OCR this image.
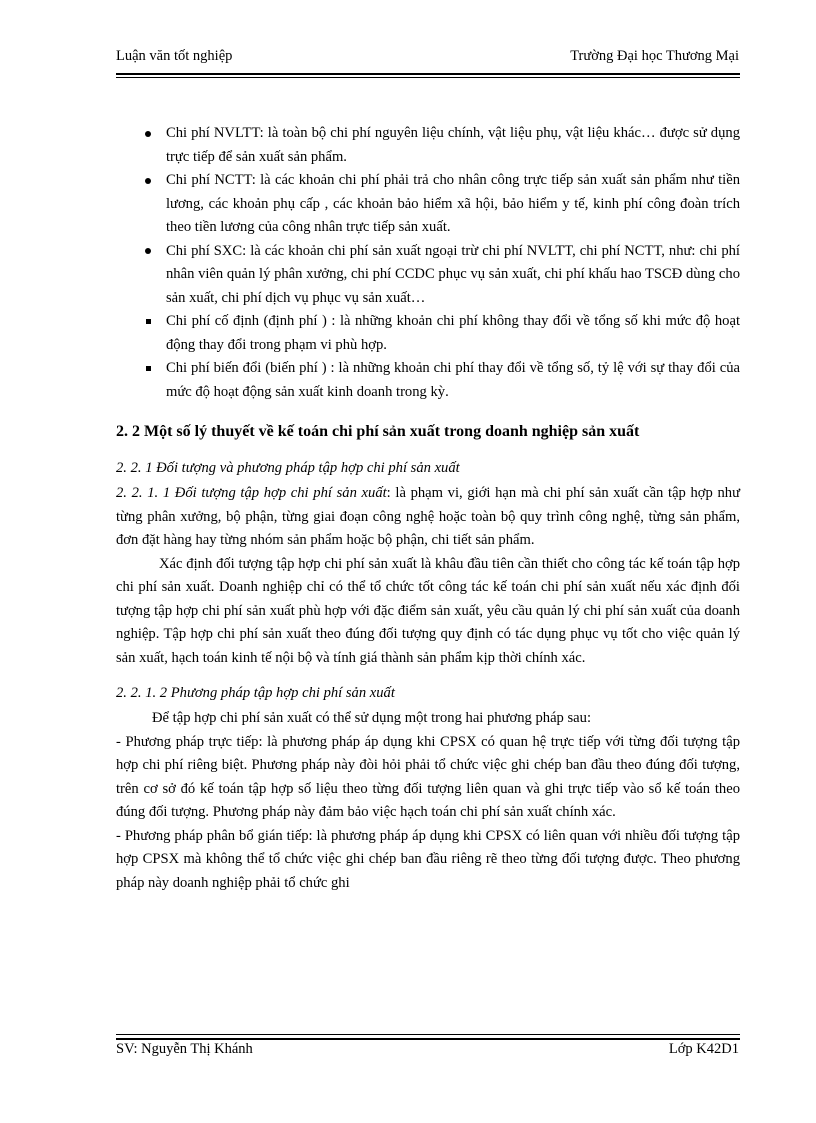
Luận văn tốt nghiệp	Trường Đại học Thương Mại
Chi phí NVLTT: là toàn bộ chi phí nguyên liệu chính, vật liệu phụ, vật liệu khác… được sử dụng trực tiếp để sản xuất sản phẩm.
Chi phí NCTT: là các khoản chi phí phải trả cho nhân công trực tiếp sản xuất sản phẩm như tiền lương, các khoản phụ cấp , các khoản bảo hiểm xã hội, bảo hiểm y tế, kinh phí công đoàn trích theo tiền lương của công nhân trực tiếp sản xuất.
Chi phí SXC: là các khoản chi phí sản xuất ngoại trừ chi phí NVLTT, chi phí NCTT, như: chi phí nhân viên quản lý phân xưởng, chi phí CCDC phục vụ sản xuất, chi phí khấu hao TSCĐ dùng cho sản xuất, chi phí dịch vụ phục vụ sản xuất…
Chi phí cố định (định phí ) : là những khoản chi phí không thay đổi về tổng số khi mức độ hoạt động thay đổi trong phạm vi phù hợp.
Chi phí biến đổi (biến phí ) : là những khoản chi phí thay đổi về tổng số, tỷ lệ với sự thay đổi của mức độ hoạt động sản xuất kinh doanh trong kỳ.
2. 2 Một số lý thuyết về kế toán chi phí sản xuất trong doanh nghiệp sản xuất
2. 2. 1 Đối tượng và phương pháp tập hợp chi phí sản xuất

2. 2. 1. 1 Đối tượng tập hợp chi phí sản xuất: là phạm vi, giới hạn mà chi phí sản xuất cần tập hợp như từng phân xưởng, bộ phận, từng giai đoạn công nghệ hoặc toàn bộ quy trình công nghệ, từng sản phẩm, đơn đặt hàng hay từng nhóm sản phẩm hoặc bộ phận, chi tiết sản phẩm.

Xác định đối tượng tập hợp chi phí sản xuất là khâu đầu tiên cần thiết cho công tác kế toán tập hợp chi phí sản xuất. Doanh nghiệp chỉ có thể tổ chức tốt công tác kế toán chi phí sản xuất nếu xác định đối tượng tập hợp chi phí sản xuất phù hợp với đặc điểm sản xuất, yêu cầu quản lý chi phí sản xuất của doanh nghiệp. Tập hợp chi phí sản xuất theo đúng đối tượng quy định có tác dụng phục vụ tốt cho việc quản lý sản xuất, hạch toán kinh tế nội bộ và tính giá thành sản phẩm kịp thời chính xác.

2. 2. 1. 2 Phương pháp tập hợp chi phí sản xuất

Để tập hợp chi phí sản xuất có thể sử dụng một trong hai phương pháp sau:

- Phương pháp trực tiếp: là phương pháp áp dụng khi CPSX có quan hệ trực tiếp với từng đối tượng tập hợp chi phí riêng biệt. Phương pháp này đòi hỏi phải tổ chức việc ghi chép ban đầu theo đúng đối tượng, trên cơ sở đó kế toán tập hợp số liệu theo từng đối tượng liên quan và ghi trực tiếp vào sổ kế toán theo đúng đối tượng. Phương pháp này đảm bảo việc hạch toán chi phí sản xuất chính xác.

- Phương pháp phân bổ gián tiếp: là phương pháp áp dụng khi CPSX có liên quan với nhiều đối tượng tập hợp CPSX mà không thể tổ chức việc ghi chép ban đầu riêng rẽ theo từng đối tượng được. Theo phương pháp này doanh nghiệp phải tổ chức ghi

SV: Nguyễn Thị Khánh	Lớp K42D1
